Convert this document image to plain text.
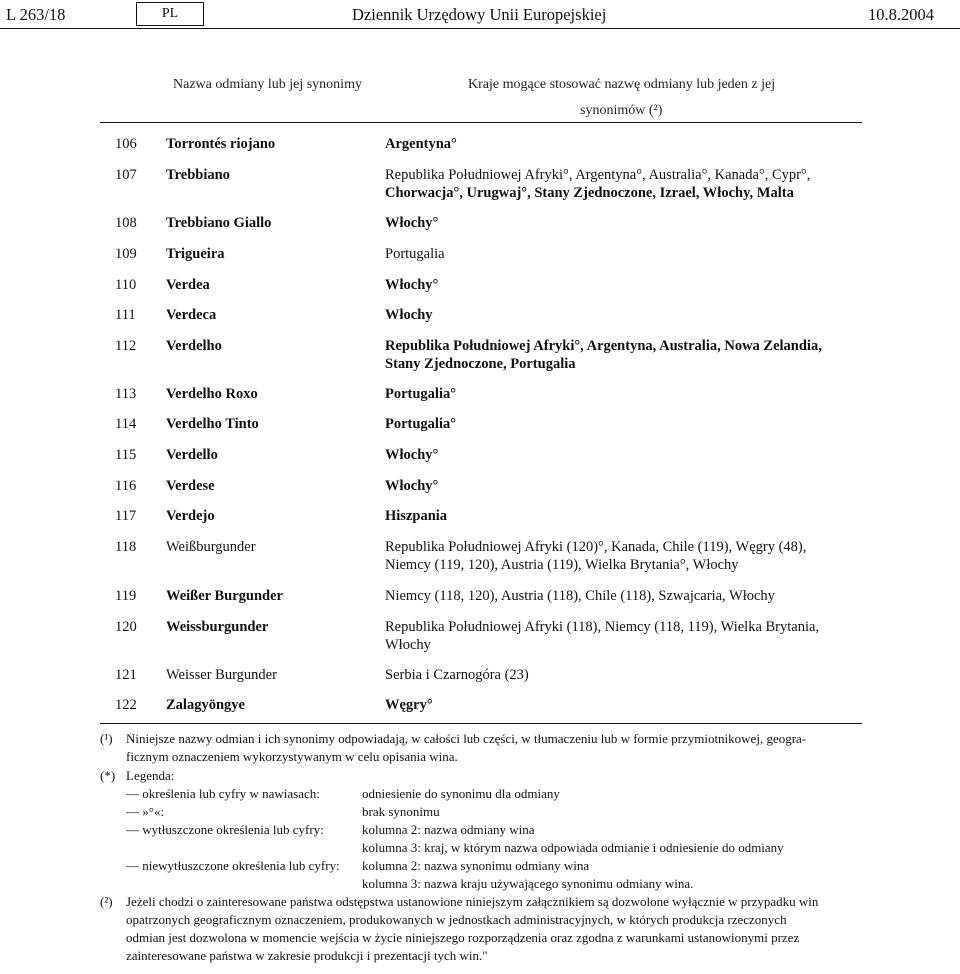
L 263/18	PL	Dziennik Urzędowy Unii Europejskiej	10.8.2004
Nazwa odmiany lub jej synonimy	Kraje mogące stosować nazwę odmiany lub jeden z jej
synonimów (²)
106 Torrontés riojano	Argentyna°
107 Trebbiano	Republika Południowej Afryki°, Argentyna°, Australia°, Kanada°, Cypr°,
Chorwacja°, Urugwaj°, Stany Zjednoczone, Izrael, Włochy, Malta
108 Trebbiano Giallo	Włochy°
109 Trigueira	Portugalia
110 Verdea	Włochy°
111 Verdeca	Włochy
112 Verdelho	Republika Południowej Afryki°, Argentyna, Australia, Nowa Zelandia,
Stany Zjednoczone, Portugalia
113 Verdelho Roxo	Portugalia°
114 Verdelho Tinto	Portugalia°
115 Verdello	Włochy°
116 Verdese	Włochy°
117 Verdejo	Hiszpania
118 Weißburgunder	Republika Południowej Afryki (120)°, Kanada, Chile (119), Węgry (48),
Niemcy (119, 120), Austria (119), Wielka Brytania°, Włochy
119 Weißer Burgunder	Niemcy (118, 120), Austria (118), Chile (118), Szwajcaria, Włochy
120 Weissburgunder	Republika Południowej Afryki (118), Niemcy (118, 119), Wielka Brytania,
Włochy
121 Weisser Burgunder	Serbia i Czarnogóra (23)
122 Zalagyöngye	Węgry°
(¹) Niniejsze nazwy odmian i ich synonimy odpowiadają, w całości lub części, w tłumaczeniu lub w formie przymiotnikowej, geogra-
ficznym oznaczeniem wykorzystywanym w celu opisania wina.
(*) Legenda:
— określenia lub cyfry w nawiasach:	odniesienie do synonimu dla odmiany
— »°«:	brak synonimu
— wytłuszczone określenia lub cyfry:	kolumna 2: nazwa odmiany wina
kolumna 3: kraj, w którym nazwa odpowiada odmianie i odniesienie do odmiany
— niewytłuszczone określenia lub cyfry: kolumna 2: nazwa synonimu odmiany wina
kolumna 3: nazwa kraju używającego synonimu odmiany wina.
(²) Jeżeli chodzi o zainteresowane państwa odstępstwa ustanowione niniejszym załącznikiem są dozwolone wyłącznie w przypadku win
opatrzonych geograficznym oznaczeniem, produkowanych w jednostkach administracyjnych, w których produkcja rzeczonych
odmian jest dozwolona w momencie wejścia w życie niniejszego rozporządzenia oraz zgodna z warunkami ustanowionymi przez
zainteresowane państwa w zakresie produkcji i prezentacji tych win."
